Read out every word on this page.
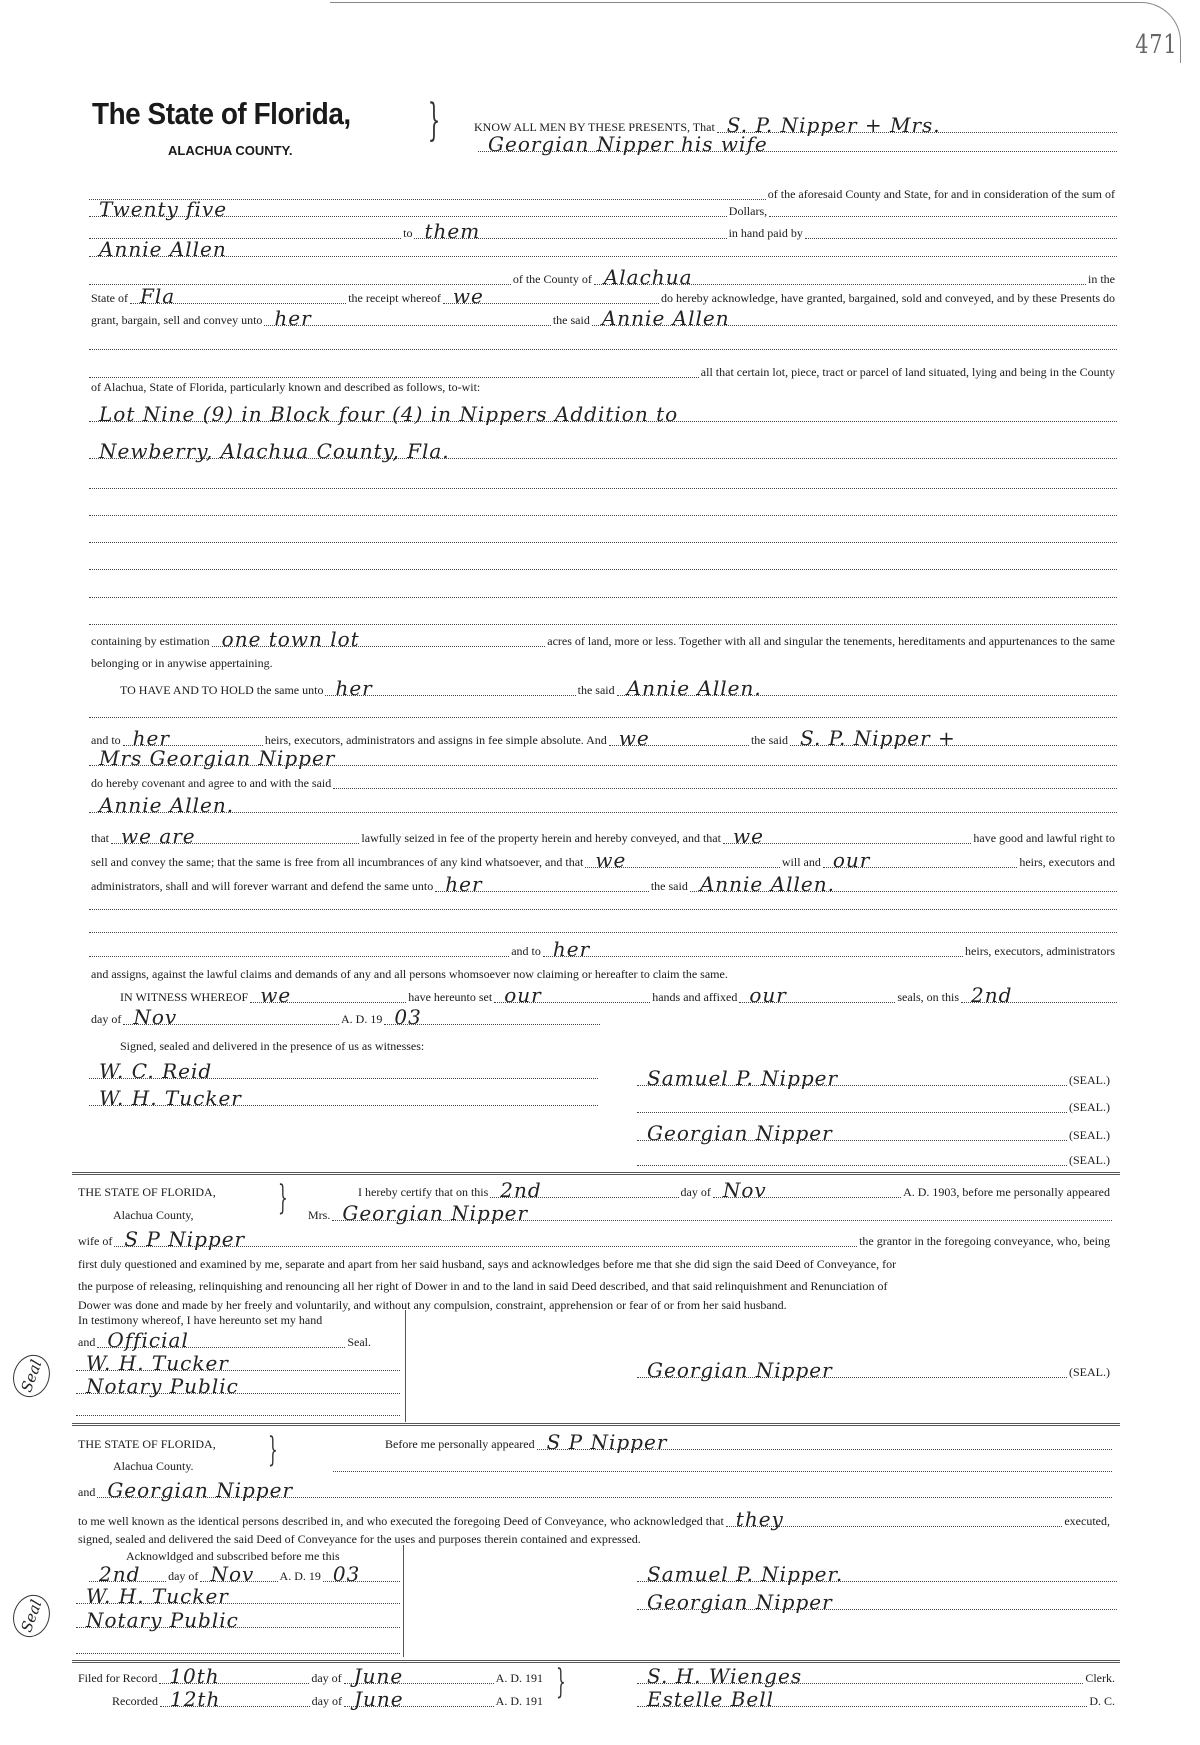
471
The State of Florida,
ALACHUA COUNTY.
}
}
}
}
Seal
Seal
KNOW ALL MEN BY THESE PRESENTS, That S. P. Nipper + Mrs.
Georgian Nipper his wife
of the aforesaid County and State, for and in consideration of the sum of
Twenty five	Dollars,
to them	in hand paid by
Annie Allen
of the County of Alachua	in the
State of Fla	the receipt whereof we	do hereby acknowledge, have granted, bargained, sold and conveyed, and by these Presents do
grant, bargain, sell and convey unto her	the said Annie Allen
all that certain lot, piece, tract or parcel of land situated, lying and being in the County
of Alachua, State of Florida, particularly known and described as follows, to-wit:
Lot Nine (9) in Block four (4) in Nippers Addition to
Newberry, Alachua County, Fla.
containing by estimation one town lot	acres of land, more or less. Together with all and singular the tenements, hereditaments and appurtenances to the same
belonging or in anywise appertaining.
TO HAVE AND TO HOLD the same unto her	the said Annie Allen.
and to her	heirs, executors, administrators and assigns in fee simple absolute. And we	the said S. P. Nipper +
Mrs Georgian Nipper
do hereby covenant and agree to and with the said
Annie Allen.
that we are	lawfully seized in fee of the property herein and hereby conveyed, and that we	have good and lawful right to
sell and convey the same; that the same is free from all incumbrances of any kind whatsoever, and that we	will and our	heirs, executors and
administrators, shall and will forever warrant and defend the same unto her	the said Annie Allen.
and to her	heirs, executors, administrators
and assigns, against the lawful claims and demands of any and all persons whomsoever now claiming or hereafter to claim the same.
IN WITNESS WHEREOF we	have hereunto set our	hands and affixed our	seals, on this 2nd
day of Nov	A. D. 19 03
Signed, sealed and delivered in the presence of us as witnesses:
W. C. Reid
W. H. Tucker
Samuel P. Nipper	(SEAL.)
(SEAL.)
Georgian Nipper	(SEAL.)
(SEAL.)
THE STATE OF FLORIDA,
Alachua County,
I hereby certify that on this 2nd	day of Nov	A. D. 1903, before me personally appeared
Mrs. Georgian Nipper
wife of S P Nipper	the grantor in the foregoing conveyance, who, being
first duly questioned and examined by me, separate and apart from her said husband, says and acknowledges before me that she did sign the said Deed of Conveyance, for
the purpose of releasing, relinquishing and renouncing all her right of Dower in and to the land in said Deed described, and that said relinquishment and Renunciation of
Dower was done and made by her freely and voluntarily, and without any compulsion, constraint, apprehension or fear of or from her said husband.
In testimony whereof, I have hereunto set my hand
and Official	Seal.
W. H. Tucker
Notary Public
Georgian Nipper	(SEAL.)
THE STATE OF FLORIDA,
Alachua County.
Before me personally appeared S P Nipper
and Georgian Nipper
to me well known as the identical persons described in, and who executed the foregoing Deed of Conveyance, who acknowledged that they	executed,
signed, sealed and delivered the said Deed of Conveyance for the uses and purposes therein contained and expressed.
Acknowldged and subscribed before me this
2nd day of Nov A. D. 19 03
W. H. Tucker
Notary Public
Samuel P. Nipper.
Georgian Nipper
Filed for Record 10th	day of June	A. D. 191
Recorded 12th	day of June	A. D. 191
S. H. Wienges	Clerk.
Estelle Bell	D. C.
